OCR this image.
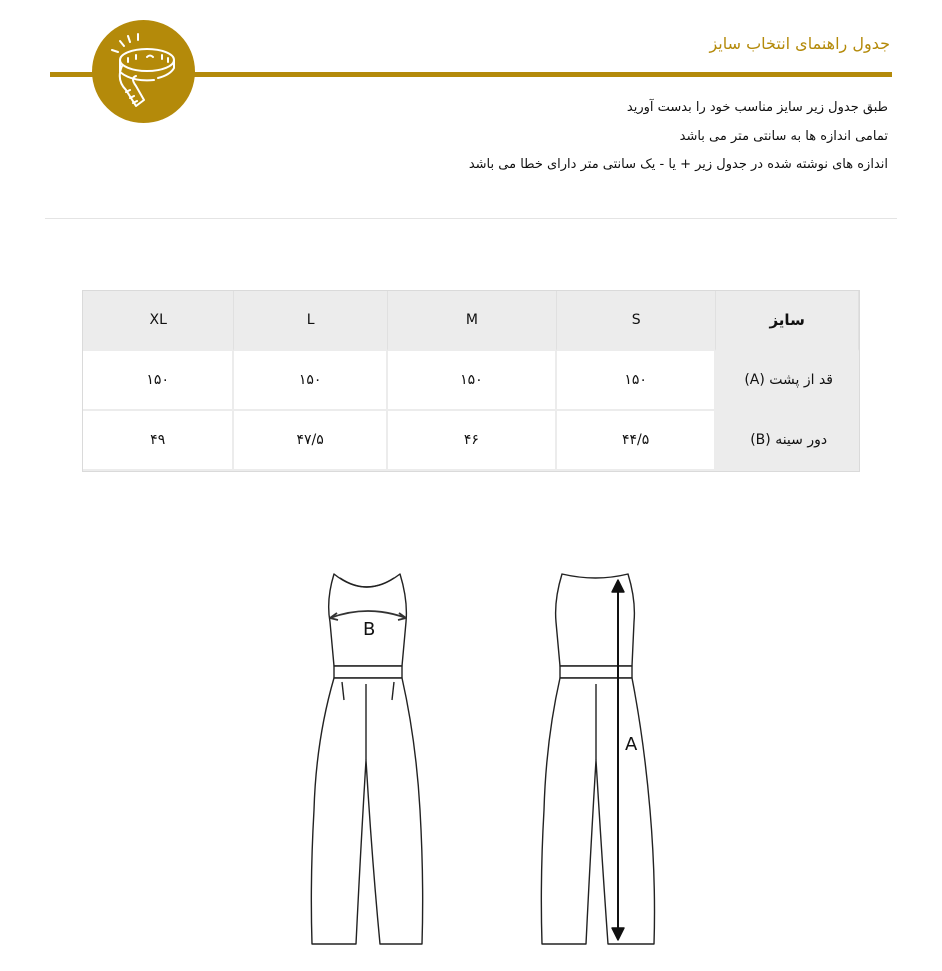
جدول راهنمای انتخاب سایز
طبق جدول زیر سایز مناسب خود را بدست آورید
تمامی اندازه ها به سانتی متر می باشد
اندازه های نوشته شده در جدول زیر + یا - یک سانتی متر دارای خطا می باشد
XL	L	M	S	سایز
۱۵۰	۱۵۰	۱۵۰	۱۵۰	قد از پشت (A)
۴۹	۴۷/۵	۴۶	۴۴/۵	دور سینه (B)
B
A
